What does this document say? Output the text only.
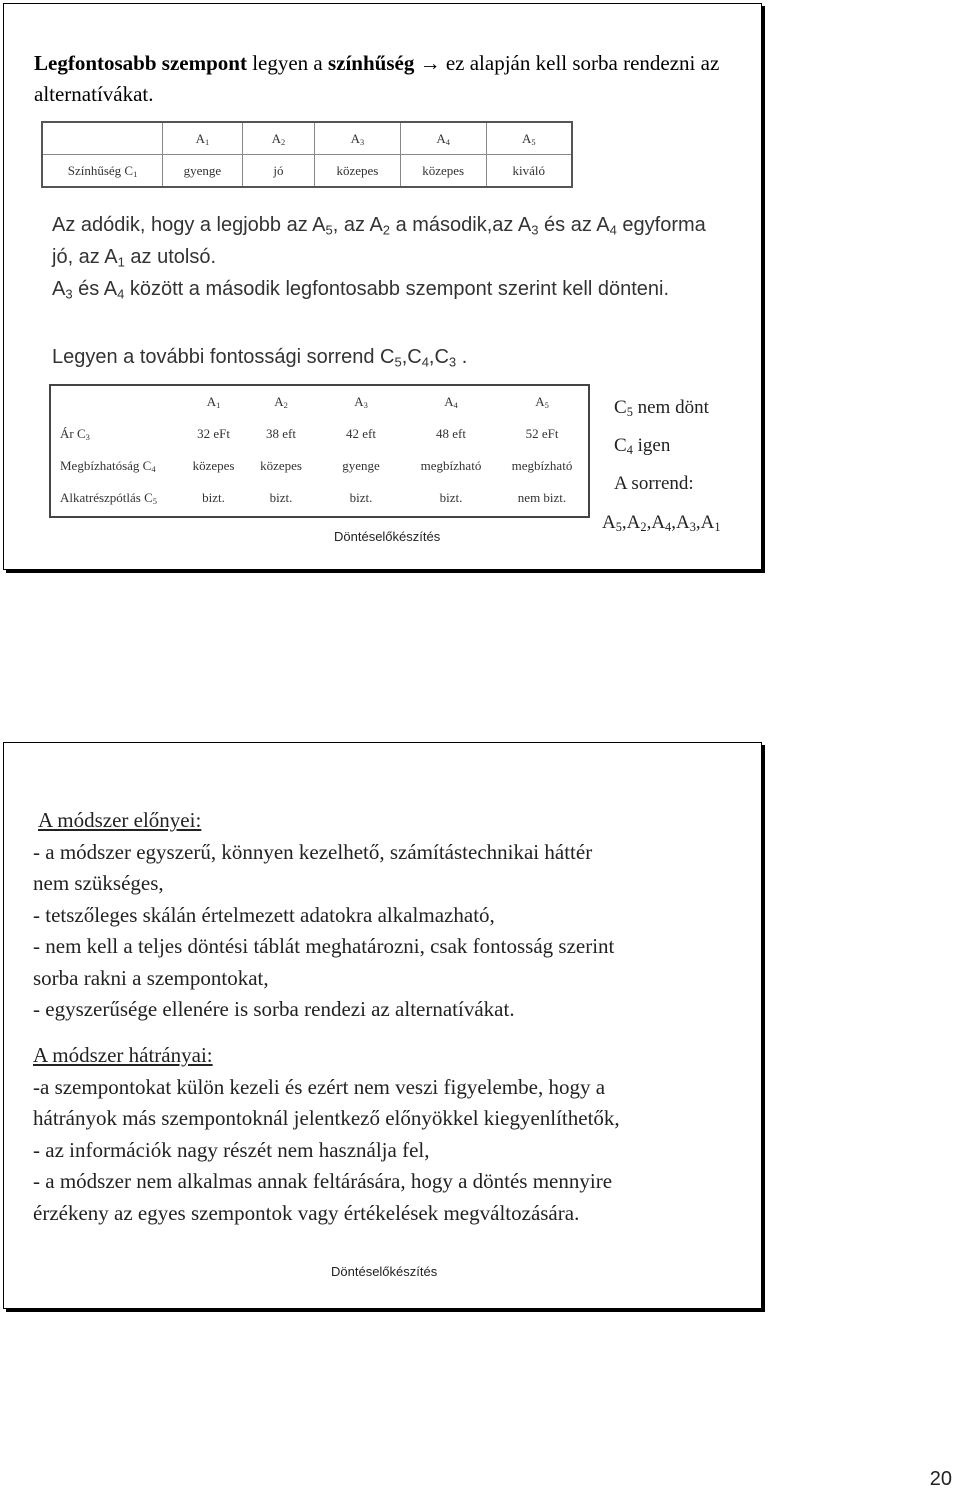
Legfontosabb szempont legyen a színhűség → ez alapján kell sorba rendezni az alternatívákat.
	$A_1$	$A_2$	$A_3$	$A_4$	$A_5$
Színhűség $C_1$	gyenge	jó	közepes	közepes	kiváló
Az adódik, hogy a legjobb az $A_5$, az $A_2$ a második,az $A_3$ és az $A_4$ egyforma jó, az $A_1$ az utolsó.
$A_3$ és $A_4$ között a második legfontosabb szempont szerint kell dönteni.
Legyen a további fontossági sorrend $C_5,C_4,C_3$ .
	$A_1$	$A_2$	$A_3$	$A_4$	$A_5$
Ár $C_3$	32 eFt	38 eft	42 eft	48 eft	52 eFt
Megbízhatóság $C_4$	közepes	közepes	gyenge	megbízható	megbízható
Alkatrészpótlás $C_5$	bizt.	bizt.	bizt.	bizt.	nem bizt.
Döntéselőkészítés
$C_5$ nem dönt
$C_4$ igen
A sorrend:
$A_5,A_2,A_4,A_3,A_1$
A módszer előnyei:
- a módszer egyszerű, könnyen kezelhető, számítástechnikai háttér
nem szükséges,
- tetszőleges skálán értelmezett adatokra alkalmazható,
- nem kell a teljes döntési táblát meghatározni, csak fontosság szerint
sorba rakni a szempontokat,
- egyszerűsége ellenére is sorba rendezi az alternatívákat.
A módszer hátrányai:
-a szempontokat külön kezeli és ezért nem veszi figyelembe, hogy a
hátrányok más szempontoknál jelentkező előnyökkel kiegyenlíthetők,
- az információk nagy részét nem használja fel,
- a módszer nem alkalmas annak feltárására, hogy a döntés mennyire
érzékeny az egyes szempontok vagy értékelések megváltozására.
Döntéselőkészítés
20
